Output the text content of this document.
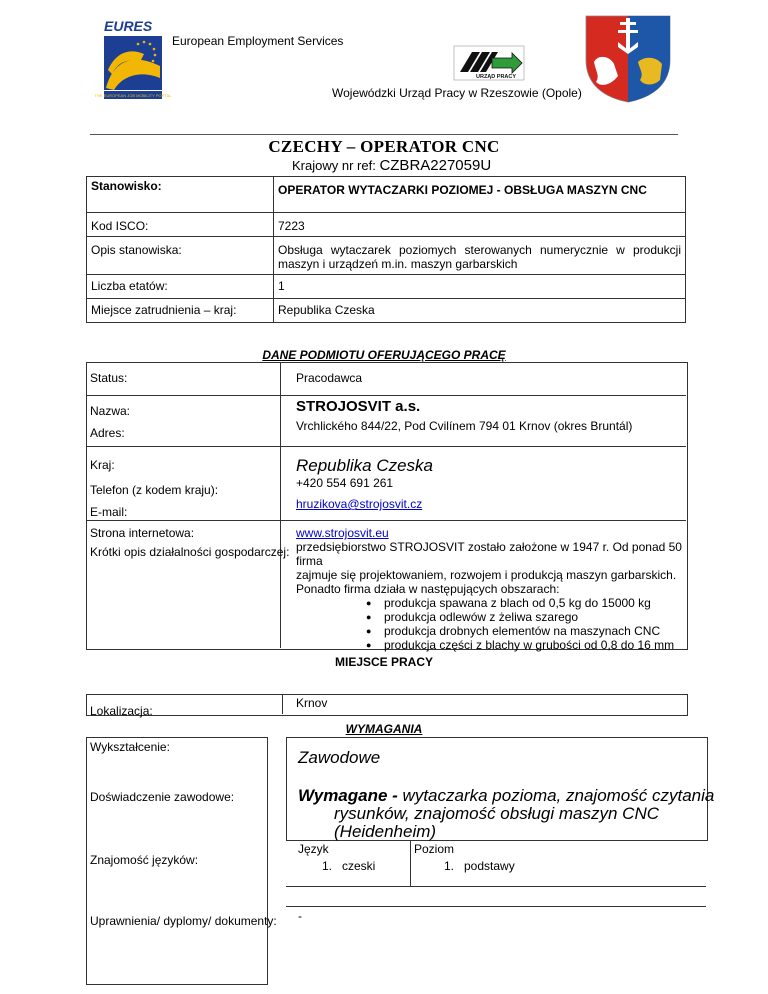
EURES
THE EUROPEAN JOB MOBILITY PORTAL
European Employment Services
URZĄD PRACY
Wojewódzki Urząd Pracy w Rzeszowie (Opole)
CZECHY – OPERATOR CNC
Krajowy nr ref: CZBRA227059U
Stanowisko:	OPERATOR WYTACZARKI POZIOMEJ - OBSŁUGA MASZYN CNC
Kod ISCO:	7223
Opis stanowiska:	Obsługa wytaczarek poziomych sterowanych numerycznie w produkcji maszyn i urządzeń m.in. maszyn garbarskich
Liczba etatów:	1
Miejsce zatrudnienia – kraj:	Republika Czeska
DANE PODMIOTU OFERUJĄCEGO PRACĘ
Status:	Pracodawca
Nazwa:	STROJOSVIT a.s.
Adres:	Vrchlického 844/22, Pod Cvilínem 794 01 Krnov (okres Bruntál)
Kraj:	Republika Czeska
Telefon (z kodem kraju):	+420 554 691 261
E-mail:
hruzikova@strojosvit.cz
Strona internetowa:	www.strojosvit.eu
Krótki opis działalności gospodarczej: przedsiębiorstwo STROJOSVIT zostało założone w 1947 r. Od ponad 50 firma
zajmuje się projektowaniem, rozwojem i produkcją maszyn garbarskich.
Ponadto firma działa w następujących obszarach:
● produkcja spawana z blach od 0,5 kg do 15000 kg
● produkcja odlewów z żeliwa szarego
● produkcja drobnych elementów na maszynach CNC
● produkcja części z blachy w grubości od 0,8 do 16 mm
MIEJSCE PRACY
Lokalizacja:
Krnov
WYMAGANIA
Wykształcenie:
Zawodowe
Doświadczenie zawodowe:	Wymagane - wytaczarka pozioma, znajomość czytania
rysunków, znajomość obsługi maszyn CNC
(Heidenheim)
Znajomość języków:
Język	Poziom
1. czeski	1. podstawy
Uprawnienia/ dyplomy/ dokumenty: -
